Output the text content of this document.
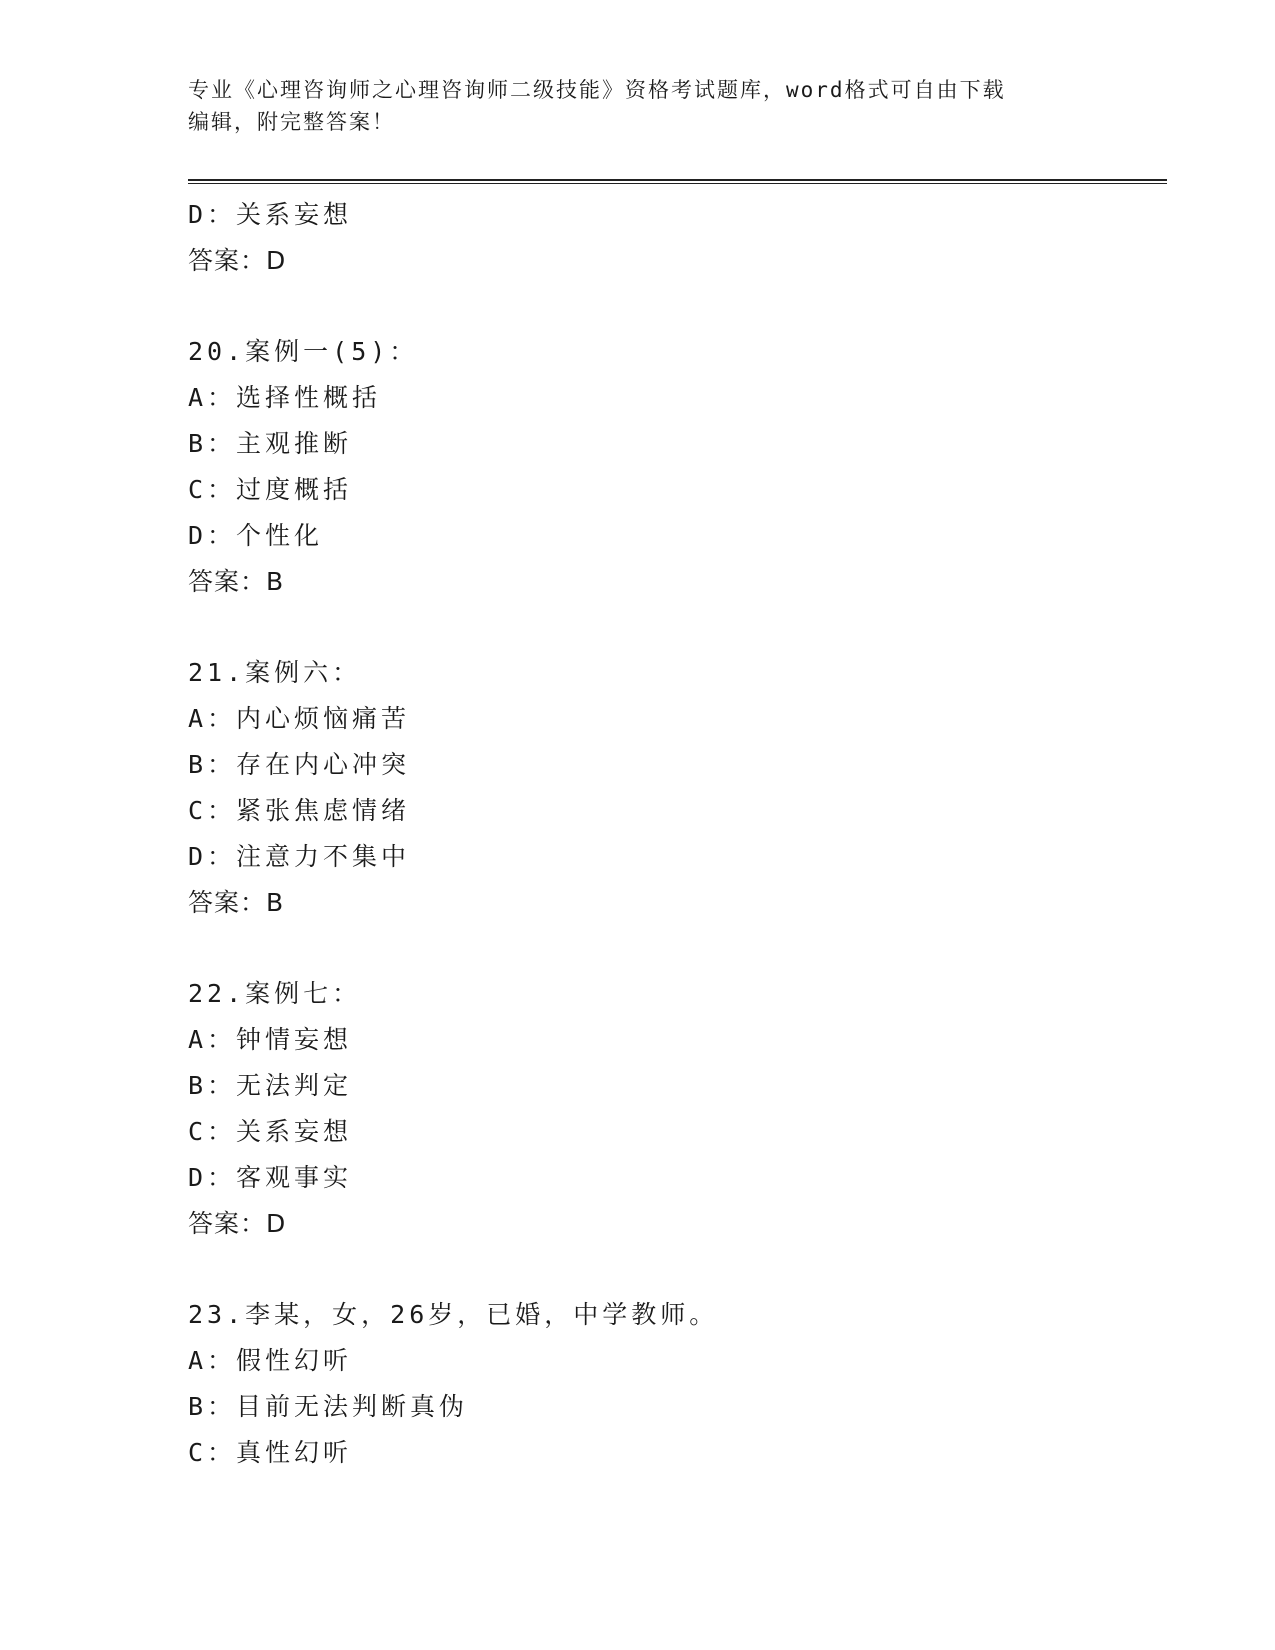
专业《心理咨询师之心理咨询师二级技能》资格考试题库，word格式可自由下载
编辑，附完整答案！
D：关系妄想
答案：D
20.案例一(5)：
A：选择性概括
B：主观推断
C：过度概括
D：个性化
答案：B
21.案例六：
A：内心烦恼痛苦
B：存在内心冲突
C：紧张焦虑情绪
D：注意力不集中
答案：B
22.案例七：
A：钟情妄想
B：无法判定
C：关系妄想
D：客观事实
答案：D
23.李某，女，26岁，已婚，中学教师。
A：假性幻听
B：目前无法判断真伪
C：真性幻听
